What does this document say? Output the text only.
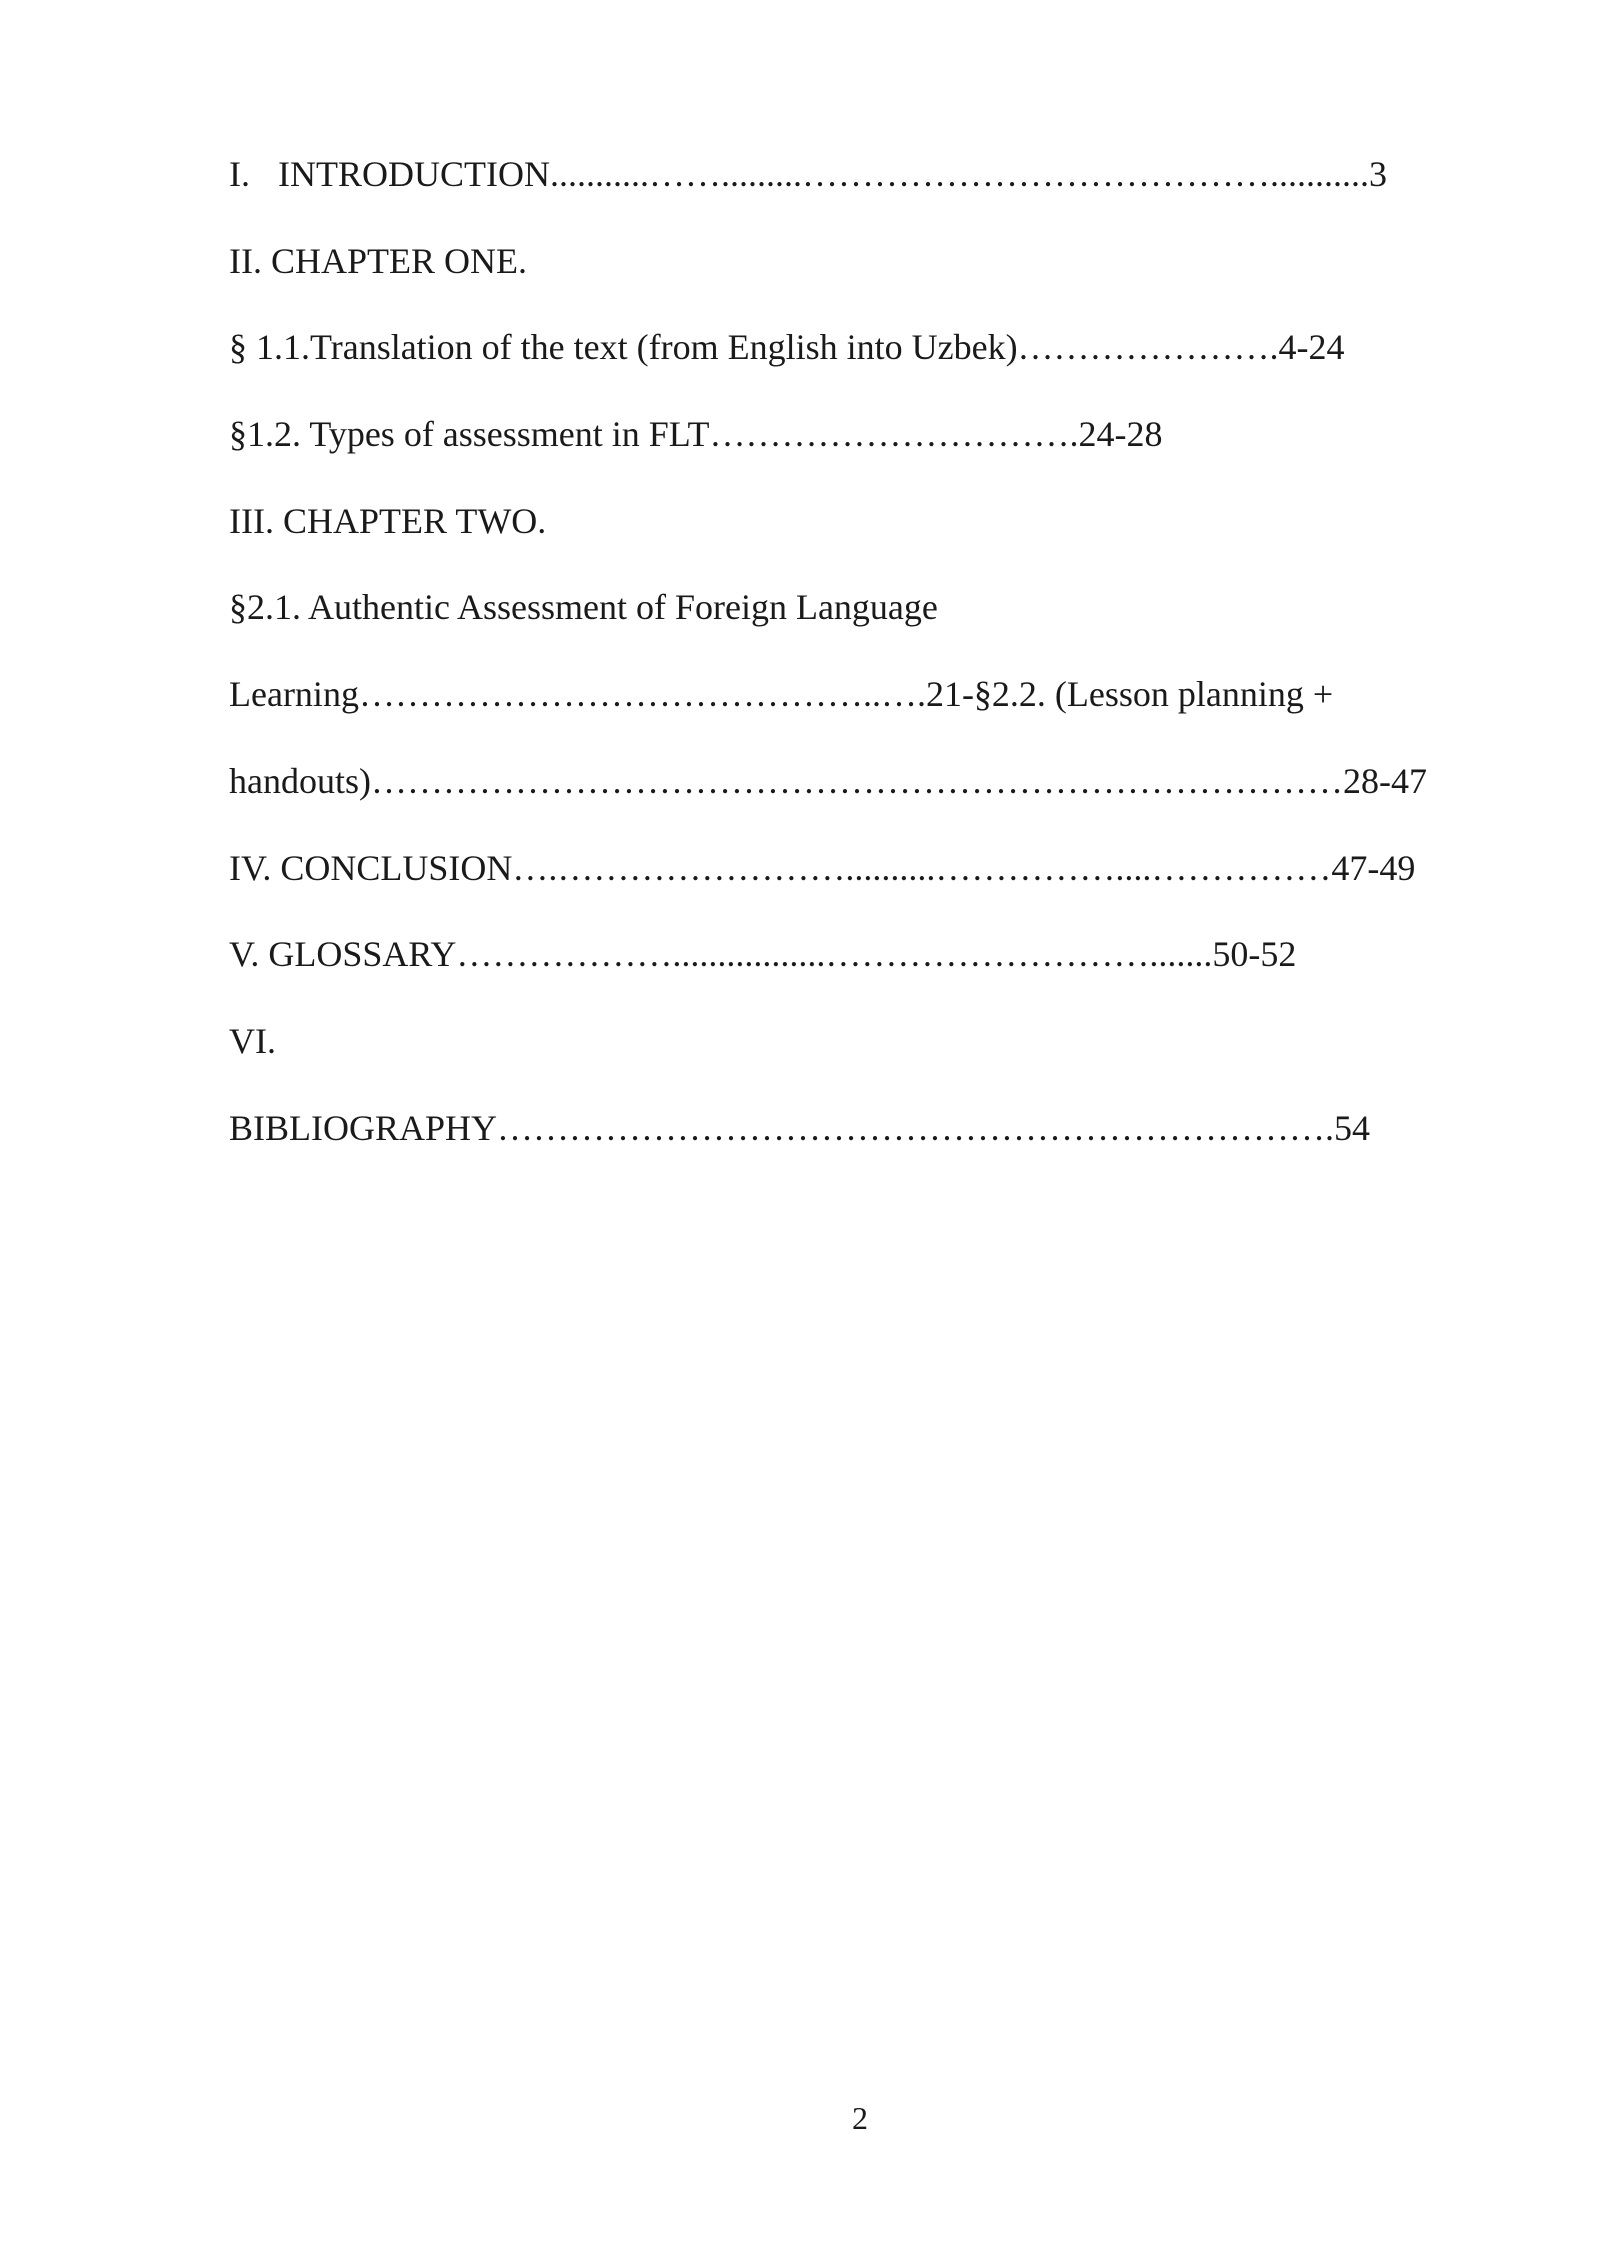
I. INTRODUCTION...........…….........…………………………………...........3

II. CHAPTER ONE.

§ 1.1.Translation of the text (from English into Uzbek)………………….4-24

§1.2. Types of assessment in FLT………………………….24-28

III. CHAPTER TWO.

§2.1. Authentic Assessment of Foreign Language

Learning……………………………………..….21-§2.2. (Lesson planning +

handouts)………………………………………………………………………28-47

IV. CONCLUSION….……………………..........……………....……………47-49

V. GLOSSARY……………….................……………………….......50-52

VI.

BIBLIOGRAPHY…………………………………………………………….54

2
